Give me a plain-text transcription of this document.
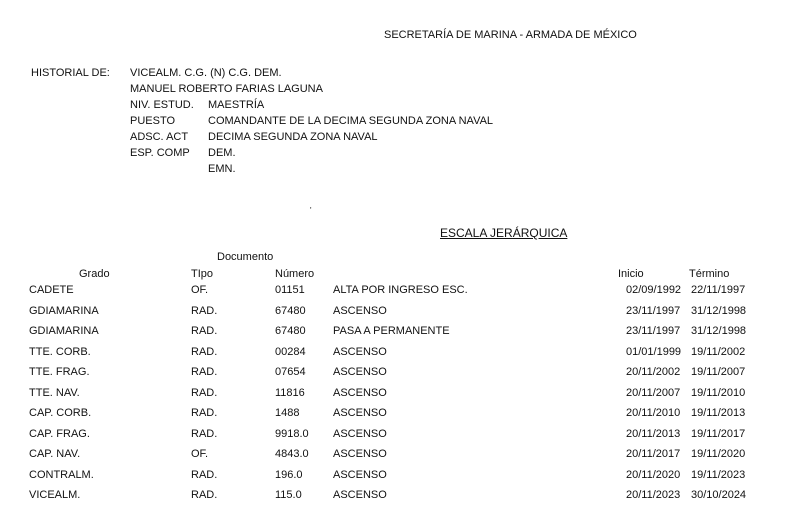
SECRETARÍA DE MARINA - ARMADA DE MÉXICO
HISTORIAL DE: VICEALM. C.G. (N) C.G. DEM.
MANUEL ROBERTO FARIAS LAGUNA
NIV. ESTUD. MAESTRÍA
PUESTO	COMANDANTE DE LA DECIMA SEGUNDA ZONA NAVAL
ADSC. ACT DECIMA SEGUNDA ZONA NAVAL
ESP. COMP DEM.
EMN.
'
ESCALA JERÁRQUICA
Documento
Grado	TIpo	Número	Inicio	Término
CADETE	OF.	01151	ALTA POR INGRESO ESC.	02/09/1992 22/11/1997
GDIAMARINA	RAD.	67480 ASCENSO	23/11/1997 31/12/1998
GDIAMARINA	RAD.	67480 PASA A PERMANENTE	23/11/1997 31/12/1998
TTE. CORB.	RAD.	00284 ASCENSO	01/01/1999 19/11/2002
TTE. FRAG.	RAD.	07654 ASCENSO	20/11/2002 19/11/2007
TTE. NAV.	RAD.	11816	ASCENSO	20/11/2007 19/11/2010
CAP. CORB.	RAD.	1488	ASCENSO	20/11/2010 19/11/2013
CAP. FRAG.	RAD.	9918.0 ASCENSO	20/11/2013 19/11/2017
CAP. NAV.	OF.	4843.0 ASCENSO	20/11/2017 19/11/2020
CONTRALM.	RAD.	196.0	ASCENSO	20/11/2020 19/11/2023
VICEALM.	RAD.	115.0	ASCENSO	20/11/2023 30/10/2024
